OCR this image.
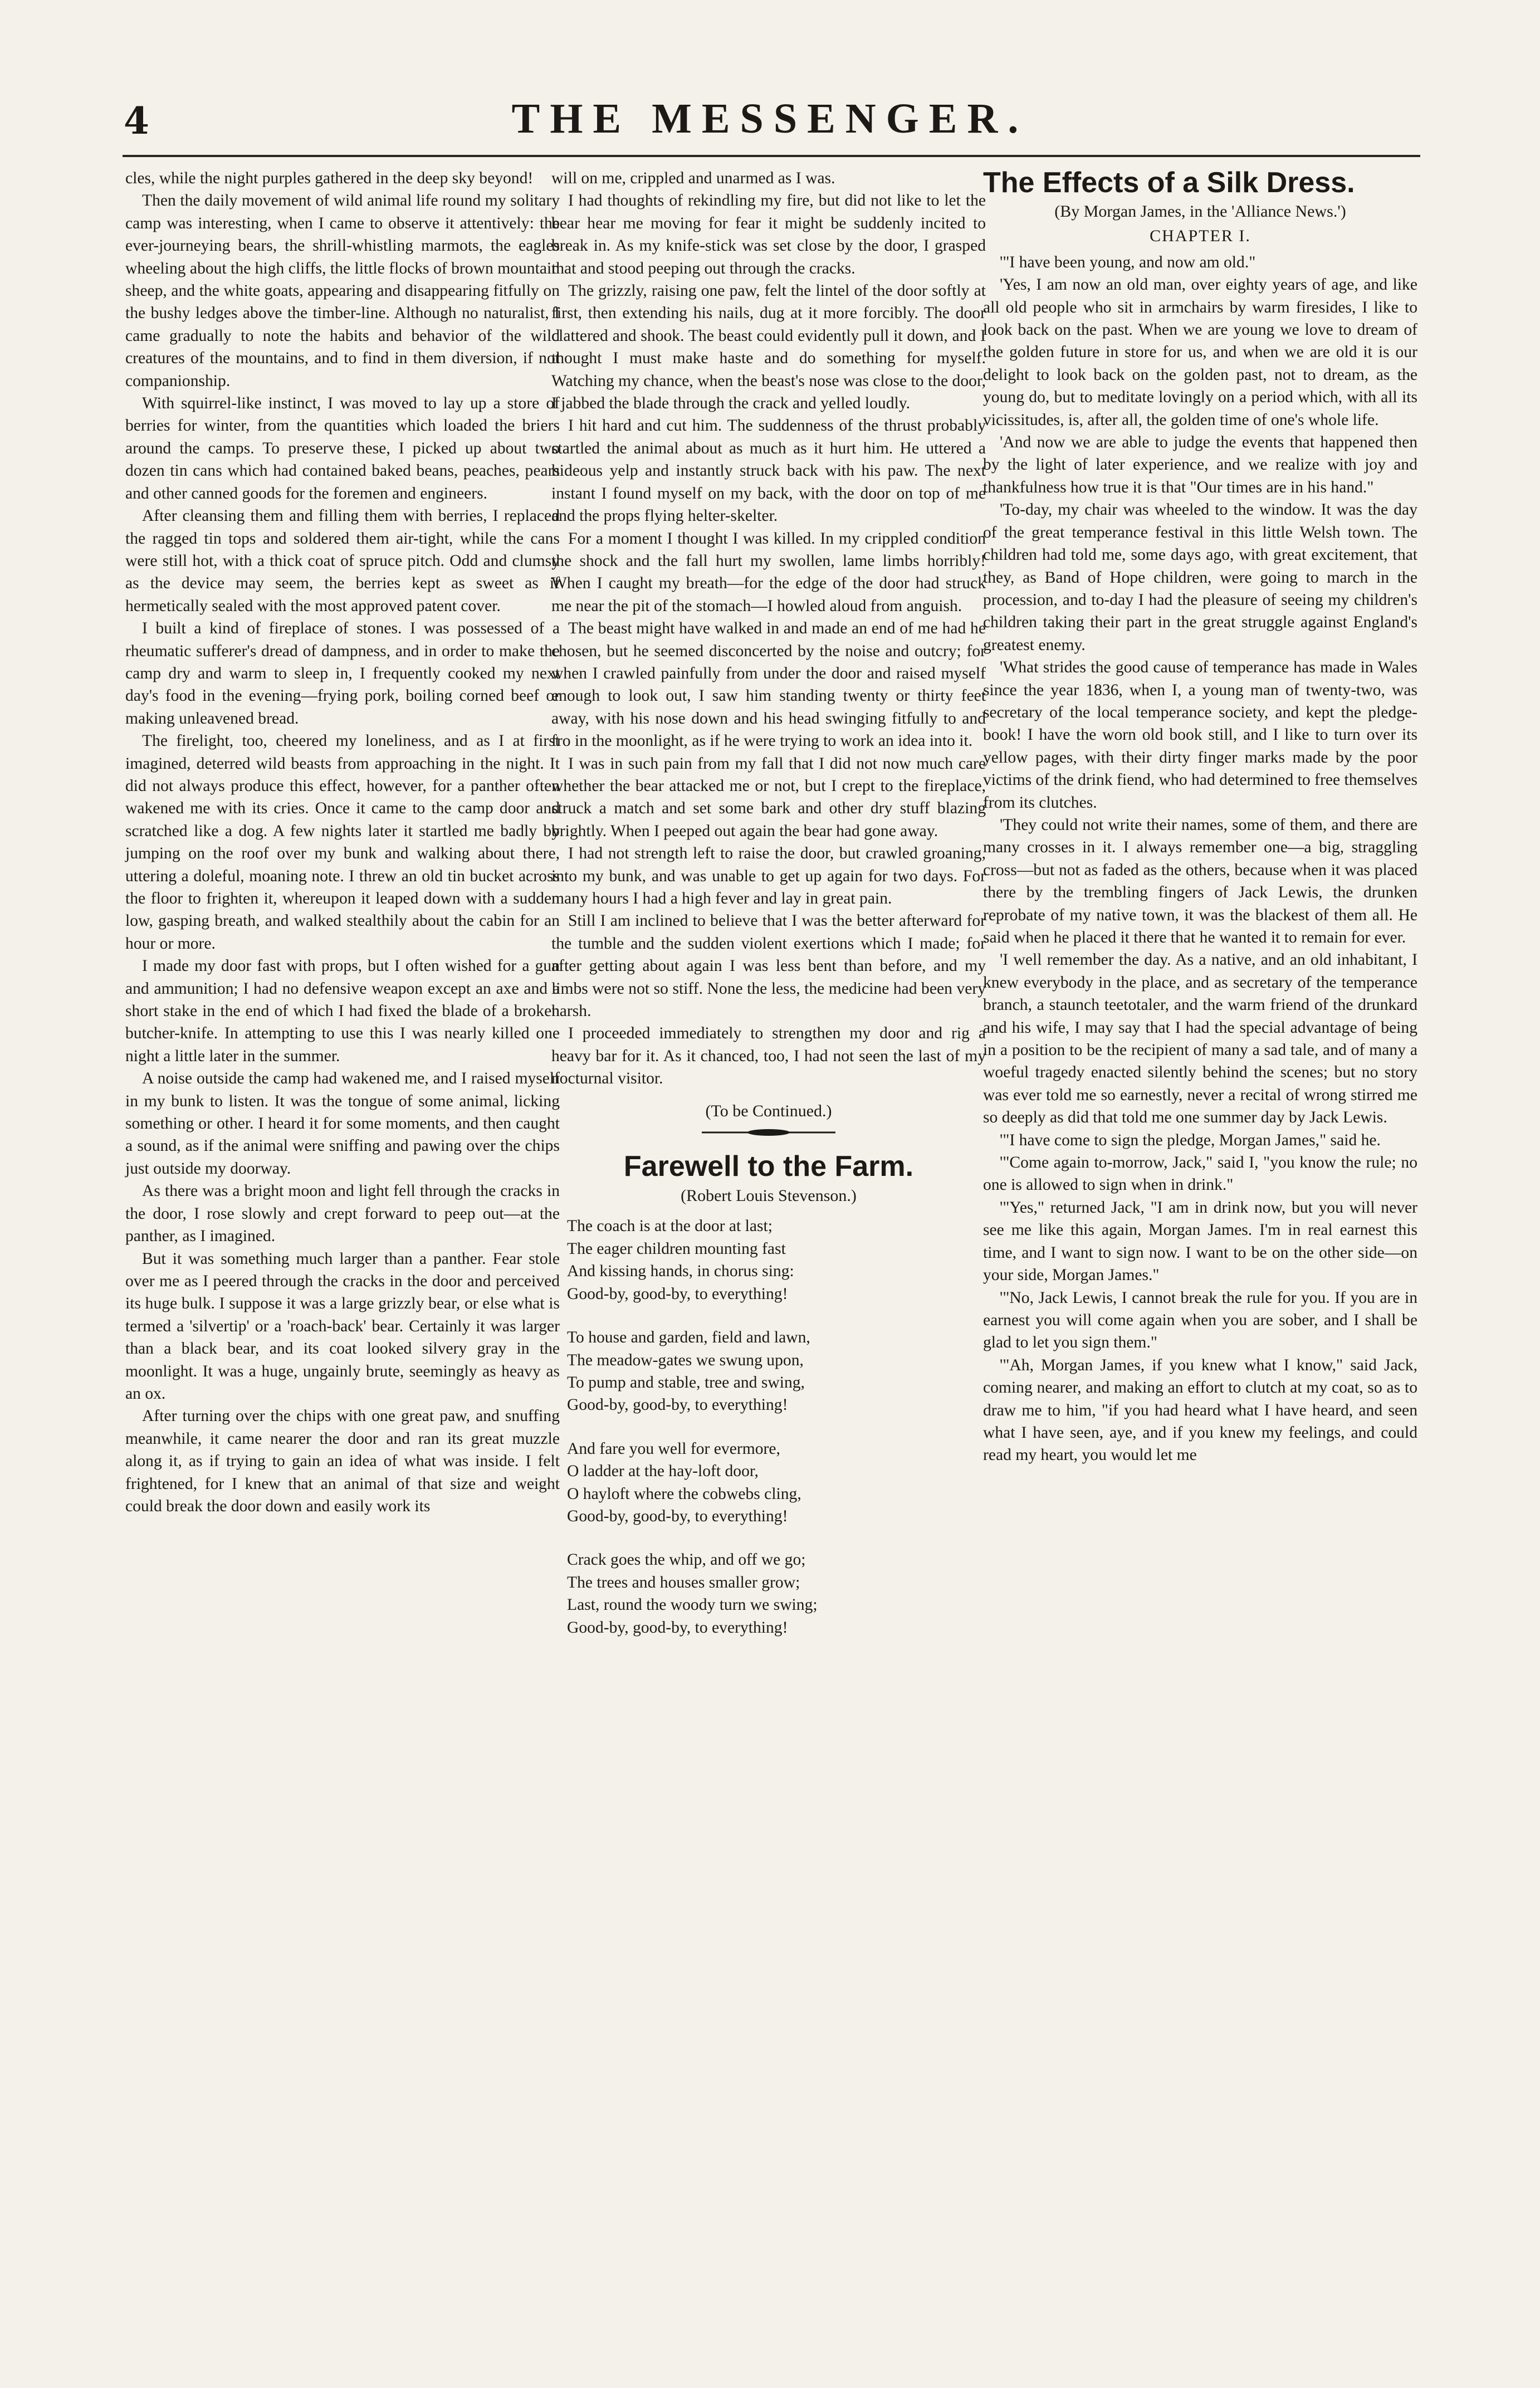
4	THE MESSENGER.

cles, while the night purples gathered in the deep sky beyond!

Then the daily movement of wild animal life round my solitary camp was interesting, when I came to observe it attentively: the ever-journeying bears, the shrill-whistling marmots, the eagles wheeling about the high cliffs, the little flocks of brown mountain sheep, and the white goats, appearing and disappearing fitfully on the bushy ledges above the timber-line. Although no naturalist, I came gradually to note the habits and behavior of the wild creatures of the mountains, and to find in them diversion, if not companionship.

With squirrel-like instinct, I was moved to lay up a store of berries for winter, from the quantities which loaded the briers around the camps. To preserve these, I picked up about two dozen tin cans which had contained baked beans, peaches, pears and other canned goods for the foremen and engineers.

After cleansing them and filling them with berries, I replaced the ragged tin tops and soldered them air-tight, while the cans were still hot, with a thick coat of spruce pitch. Odd and clumsy as the device may seem, the berries kept as sweet as if hermetically sealed with the most approved patent cover.

I built a kind of fireplace of stones. I was possessed of a rheumatic sufferer's dread of dampness, and in order to make the camp dry and warm to sleep in, I frequently cooked my next day's food in the evening—frying pork, boiling corned beef or making unleavened bread.

The firelight, too, cheered my loneliness, and as I at first imagined, deterred wild beasts from approaching in the night. It did not always produce this effect, however, for a panther often wakened me with its cries. Once it came to the camp door and scratched like a dog. A few nights later it startled me badly by jumping on the roof over my bunk and walking about there, uttering a doleful, moaning note. I threw an old tin bucket across the floor to frighten it, whereupon it leaped down with a sudden low, gasping breath, and walked stealthily about the cabin for an hour or more.

I made my door fast with props, but I often wished for a gun and ammunition; I had no defensive weapon except an axe and a short stake in the end of which I had fixed the blade of a broken butcher-knife. In attempting to use this I was nearly killed one night a little later in the summer.

A noise outside the camp had wakened me, and I raised myself in my bunk to listen. It was the tongue of some animal, licking something or other. I heard it for some moments, and then caught a sound, as if the animal were sniffing and pawing over the chips just outside my doorway.

As there was a bright moon and light fell through the cracks in the door, I rose slowly and crept forward to peep out—at the panther, as I imagined.

But it was something much larger than a panther. Fear stole over me as I peered through the cracks in the door and perceived its huge bulk. I suppose it was a large grizzly bear, or else what is termed a 'silvertip' or a 'roach-back' bear. Certainly it was larger than a black bear, and its coat looked silvery gray in the moonlight. It was a huge, ungainly brute, seemingly as heavy as an ox.

After turning over the chips with one great paw, and snuffing meanwhile, it came nearer the door and ran its great muzzle along it, as if trying to gain an idea of what was inside. I felt frightened, for I knew that an animal of that size and weight could break the door down and easily work its

will on me, crippled and unarmed as I was.

I had thoughts of rekindling my fire, but did not like to let the bear hear me moving for fear it might be suddenly incited to break in. As my knife-stick was set close by the door, I grasped that and stood peeping out through the cracks.

The grizzly, raising one paw, felt the lintel of the door softly at first, then extending his nails, dug at it more forcibly. The door clattered and shook. The beast could evidently pull it down, and I thought I must make haste and do something for myself. Watching my chance, when the beast's nose was close to the door, I jabbed the blade through the crack and yelled loudly.

I hit hard and cut him. The suddenness of the thrust probably startled the animal about as much as it hurt him. He uttered a hideous yelp and instantly struck back with his paw. The next instant I found myself on my back, with the door on top of me and the props flying helter-skelter.

For a moment I thought I was killed. In my crippled condition the shock and the fall hurt my swollen, lame limbs horribly! When I caught my breath—for the edge of the door had struck me near the pit of the stomach—I howled aloud from anguish.

The beast might have walked in and made an end of me had he chosen, but he seemed disconcerted by the noise and outcry; for when I crawled painfully from under the door and raised myself enough to look out, I saw him standing twenty or thirty feet away, with his nose down and his head swinging fitfully to and fro in the moonlight, as if he were trying to work an idea into it.

I was in such pain from my fall that I did not now much care whether the bear attacked me or not, but I crept to the fireplace, struck a match and set some bark and other dry stuff blazing brightly. When I peeped out again the bear had gone away.

I had not strength left to raise the door, but crawled groaning, into my bunk, and was unable to get up again for two days. For many hours I had a high fever and lay in great pain.

Still I am inclined to believe that I was the better afterward for the tumble and the sudden violent exertions which I made; for after getting about again I was less bent than before, and my limbs were not so stiff. None the less, the medicine had been very harsh.

I proceeded immediately to strengthen my door and rig a heavy bar for it. As it chanced, too, I had not seen the last of my nocturnal visitor.

(To be Continued.)
Farewell to the Farm.
(Robert Louis Stevenson.)
The coach is at the door at last;
The eager children mounting fast
And kissing hands, in chorus sing:
Good-by, good-by, to everything!
To house and garden, field and lawn,
The meadow-gates we swung upon,
To pump and stable, tree and swing,
Good-by, good-by, to everything!
And fare you well for evermore,
O ladder at the hay-loft door,
O hayloft where the cobwebs cling,
Good-by, good-by, to everything!
Crack goes the whip, and off we go;
The trees and houses smaller grow;
Last, round the woody turn we swing;
Good-by, good-by, to everything!
The Effects of a Silk Dress.
(By Morgan James, in the 'Alliance News.')
CHAPTER I.

'"I have been young, and now am old."

'Yes, I am now an old man, over eighty years of age, and like all old people who sit in armchairs by warm firesides, I like to look back on the past. When we are young we love to dream of the golden future in store for us, and when we are old it is our delight to look back on the golden past, not to dream, as the young do, but to meditate lovingly on a period which, with all its vicissitudes, is, after all, the golden time of one's whole life.

'And now we are able to judge the events that happened then by the light of later experience, and we realize with joy and thankfulness how true it is that "Our times are in his hand."

'To-day, my chair was wheeled to the window. It was the day of the great temperance festival in this little Welsh town. The children had told me, some days ago, with great excitement, that they, as Band of Hope children, were going to march in the procession, and to-day I had the pleasure of seeing my children's children taking their part in the great struggle against England's greatest enemy.

'What strides the good cause of temperance has made in Wales since the year 1836, when I, a young man of twenty-two, was secretary of the local temperance society, and kept the pledge-book! I have the worn old book still, and I like to turn over its yellow pages, with their dirty finger marks made by the poor victims of the drink fiend, who had determined to free themselves from its clutches.

'They could not write their names, some of them, and there are many crosses in it. I always remember one—a big, straggling cross—but not as faded as the others, because when it was placed there by the trembling fingers of Jack Lewis, the drunken reprobate of my native town, it was the blackest of them all. He said when he placed it there that he wanted it to remain for ever.

'I well remember the day. As a native, and an old inhabitant, I knew everybody in the place, and as secretary of the temperance branch, a staunch teetotaler, and the warm friend of the drunkard and his wife, I may say that I had the special advantage of being in a position to be the recipient of many a sad tale, and of many a woeful tragedy enacted silently behind the scenes; but no story was ever told me so earnestly, never a recital of wrong stirred me so deeply as did that told me one summer day by Jack Lewis.

'"I have come to sign the pledge, Morgan James," said he.

'"Come again to-morrow, Jack," said I, "you know the rule; no one is allowed to sign when in drink."

'"Yes," returned Jack, "I am in drink now, but you will never see me like this again, Morgan James. I'm in real earnest this time, and I want to sign now. I want to be on the other side—on your side, Morgan James."

'"No, Jack Lewis, I cannot break the rule for you. If you are in earnest you will come again when you are sober, and I shall be glad to let you sign them."

'"Ah, Morgan James, if you knew what I know," said Jack, coming nearer, and making an effort to clutch at my coat, so as to draw me to him, "if you had heard what I have heard, and seen what I have seen, aye, and if you knew my feelings, and could read my heart, you would let me
